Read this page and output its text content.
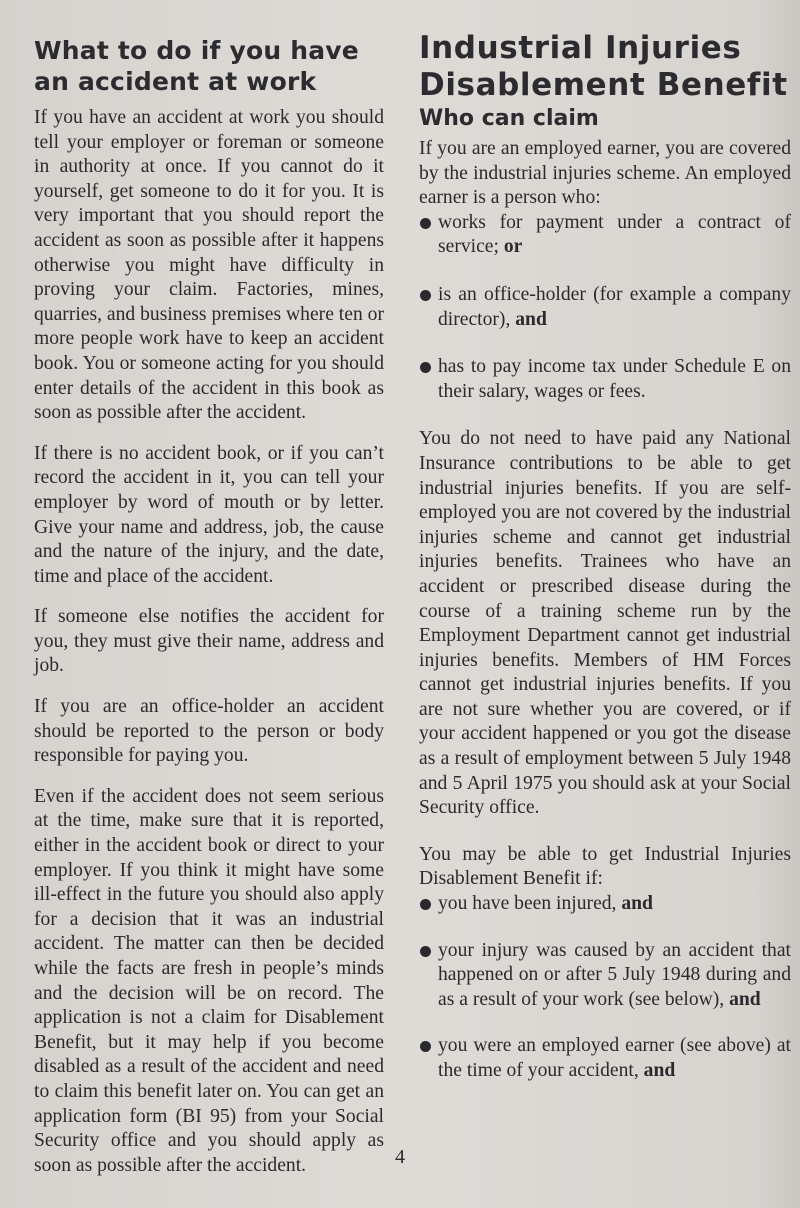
What to do if you have an accident at work

If you have an accident at work you should tell your employer or foreman or someone in authority at once. If you cannot do it yourself, get someone to do it for you. It is very important that you should report the accident as soon as possible after it happens otherwise you might have difficulty in proving your claim. Factories, mines, quarries, and business premises where ten or more people work have to keep an accident book. You or someone acting for you should enter details of the accident in this book as soon as possible after the accident.

If there is no accident book, or if you can’t record the accident in it, you can tell your employer by word of mouth or by letter. Give your name and address, job, the cause and the nature of the injury, and the date, time and place of the accident.

If someone else notifies the accident for you, they must give their name, address and job.

If you are an office-holder an accident should be reported to the person or body responsible for paying you.

Even if the accident does not seem serious at the time, make sure that it is reported, either in the accident book or direct to your employer. If you think it might have some ill-effect in the future you should also apply for a decision that it was an industrial accident. The matter can then be decided while the facts are fresh in people’s minds and the decision will be on record. The application is not a claim for Disablement Benefit, but it may help if you become disabled as a result of the accident and need to claim this benefit later on. You can get an application form (BI 95) from your Social Security office and you should apply as soon as possible after the accident.

Industrial Injuries Disablement Benefit
Who can claim

If you are an employed earner, you are covered by the industrial injuries scheme. An employed earner is a person who:

works for payment under a contract of service; or
is an office-holder (for example a company director), and
has to pay income tax under Schedule E on their salary, wages or fees.

You do not need to have paid any National Insurance contributions to be able to get industrial injuries benefits. If you are self-employed you are not covered by the industrial injuries scheme and cannot get industrial injuries benefits. Trainees who have an accident or prescribed disease during the course of a training scheme run by the Employment Department cannot get industrial injuries benefits. Members of HM Forces cannot get industrial injuries benefits. If you are not sure whether you are covered, or if your accident happened or you got the disease as a result of employment between 5 July 1948 and 5 April 1975 you should ask at your Social Security office.

You may be able to get Industrial Injuries Disablement Benefit if:

you have been injured, and
your injury was caused by an accident that happened on or after 5 July 1948 during and as a result of your work (see below), and
you were an employed earner (see above) at the time of your accident, and
4
